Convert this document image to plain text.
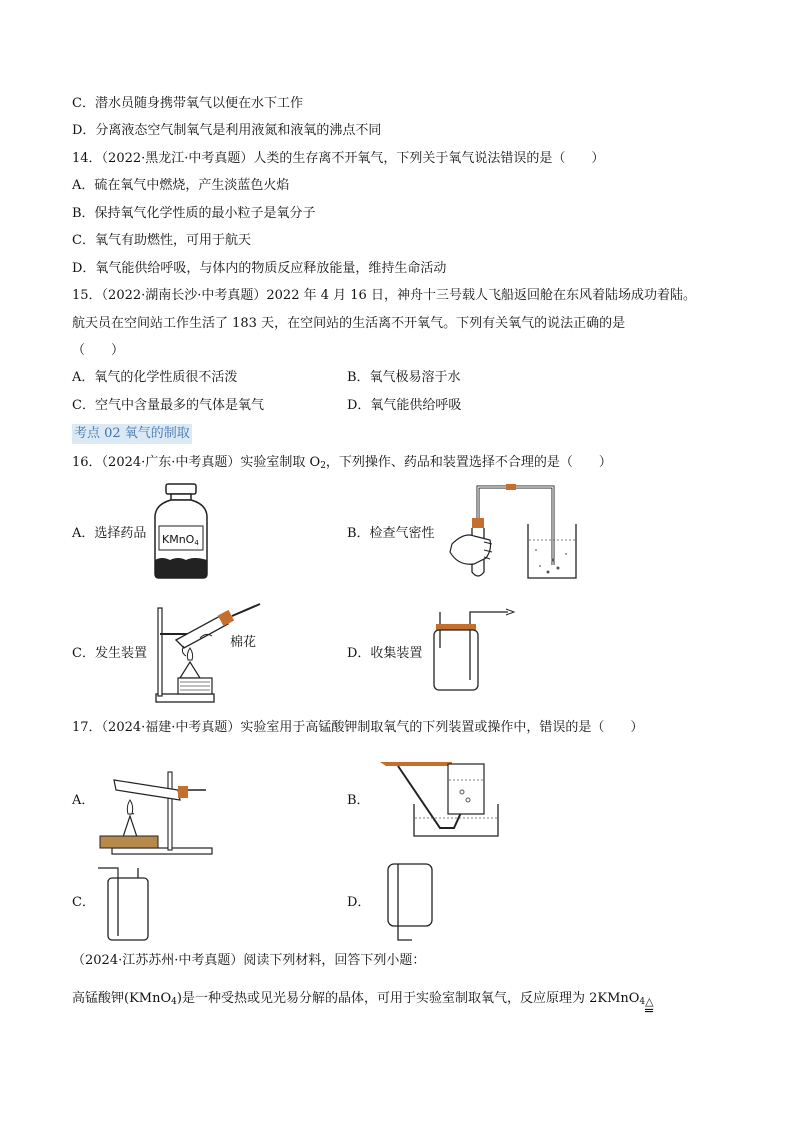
C．潜水员随身携带氧气以便在水下工作
D．分离液态空气制氧气是利用液氮和液氧的沸点不同
14．（2022·黑龙江·中考真题）人类的生存离不开氧气，下列关于氧气说法错误的是（　　）
A．硫在氧气中燃烧，产生淡蓝色火焰
B．保持氧气化学性质的最小粒子是氧分子
C．氧气有助燃性，可用于航天
D．氧气能供给呼吸，与体内的物质反应释放能量，维持生命活动
15．（2022·湖南长沙·中考真题）2022 年 4 月 16 日，神舟十三号载人飞船返回舱在东风着陆场成功着陆。
航天员在空间站工作生活了 183 天，在空间站的生活离不开氧气。下列有关氧气的说法正确的是
（　　）
A．氧气的化学性质很不活泼	B．氧气极易溶于水
C．空气中含量最多的气体是氧气	D．氧气能供给呼吸
考点 02 氧气的制取
16．（2024·广东·中考真题）实验室制取 $O_2$，下列操作、药品和装置选择不合理的是（　　）
A．选择药品	B．检查气密性
C．发生装置	D．收集装置
17．（2024·福建·中考真题）实验室用于高锰酸钾制取氧气的下列装置或操作中，错误的是（　　）
A．	B．
C．	D．
（2024·江苏苏州·中考真题）阅读下列材料，回答下列小题：
高锰酸钾(KMnO$_4$)是一种受热或见光易分解的晶体，可用于实验室制取氧气，反应原理为 2KMnO$_4$ △
═
KMnO4
棉花
